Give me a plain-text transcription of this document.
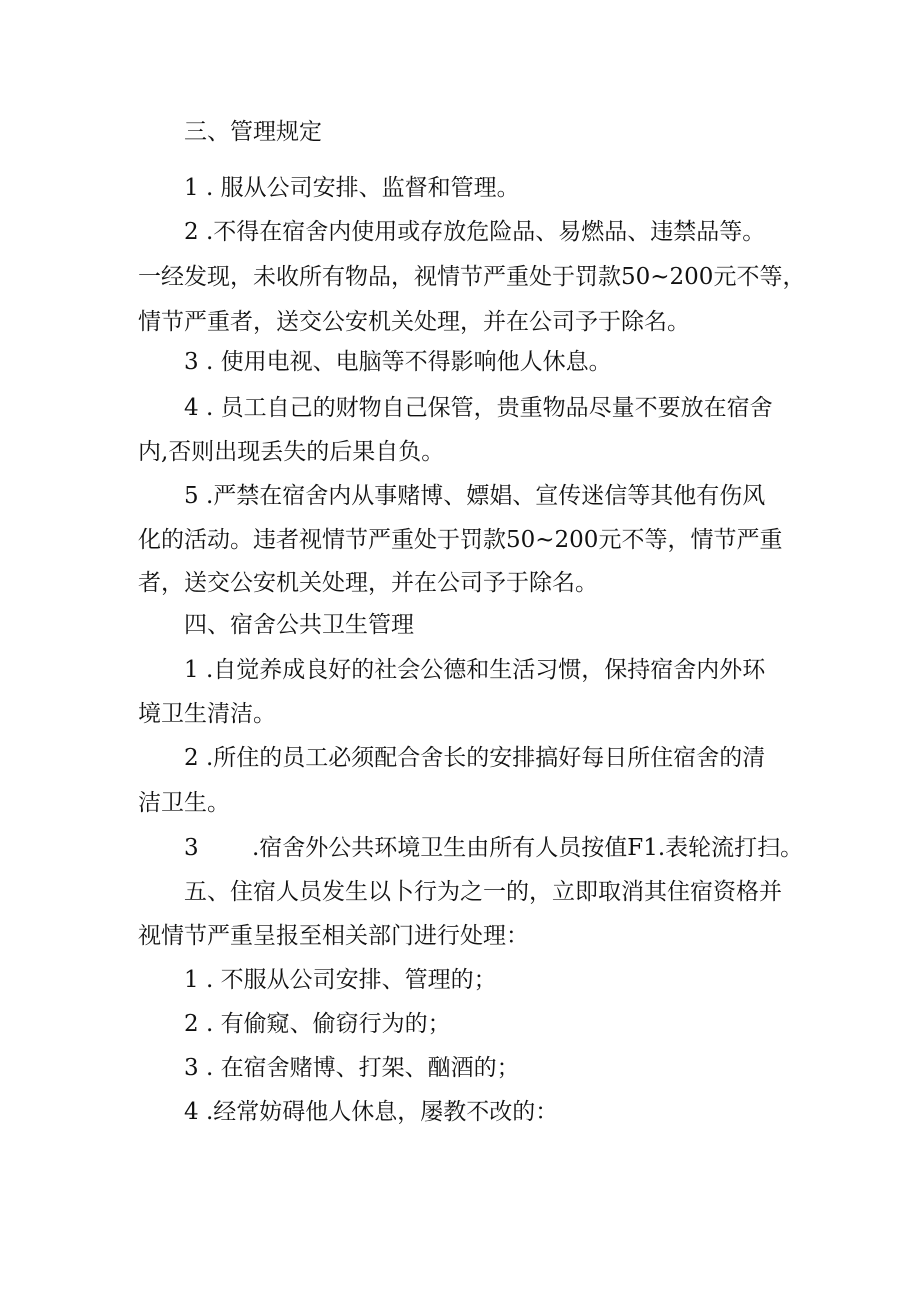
三、管理规定
1 . 服从公司安排、监督和管理。
2 .不得在宿舍内使用或存放危险品、易燃品、违禁品等。
一经发现，未收所有物品，视情节严重处于罚款50~200元不等，
情节严重者，送交公安机关处理，并在公司予于除名。
3 . 使用电视、电脑等不得影响他人休息。
4 . 员工自己的财物自己保管，贵重物品尽量不要放在宿舍
内,否则出现丢失的后果自负。
5 .严禁在宿舍内从事赌博、嫖娼、宣传迷信等其他有伤风
化的活动。违者视情节严重处于罚款50~200元不等，情节严重
者，送交公安机关处理，并在公司予于除名。
四、宿舍公共卫生管理
1 .自觉养成良好的社会公德和生活习惯，保持宿舍内外环
境卫生清洁。
2 .所住的员工必须配合舍长的安排搞好每日所住宿舍的清
洁卫生。
3 .宿舍外公共环境卫生由所有人员按值F1.表轮流打扫。
五、住宿人员发生以卜行为之一的，立即取消其住宿资格并
视情节严重呈报至相关部门进行处理：
1 . 不服从公司安排、管理的；
2 . 有偷窥、偷窃行为的；
3 . 在宿舍赌博、打架、酗酒的；
4 .经常妨碍他人休息，屡教不改的：
